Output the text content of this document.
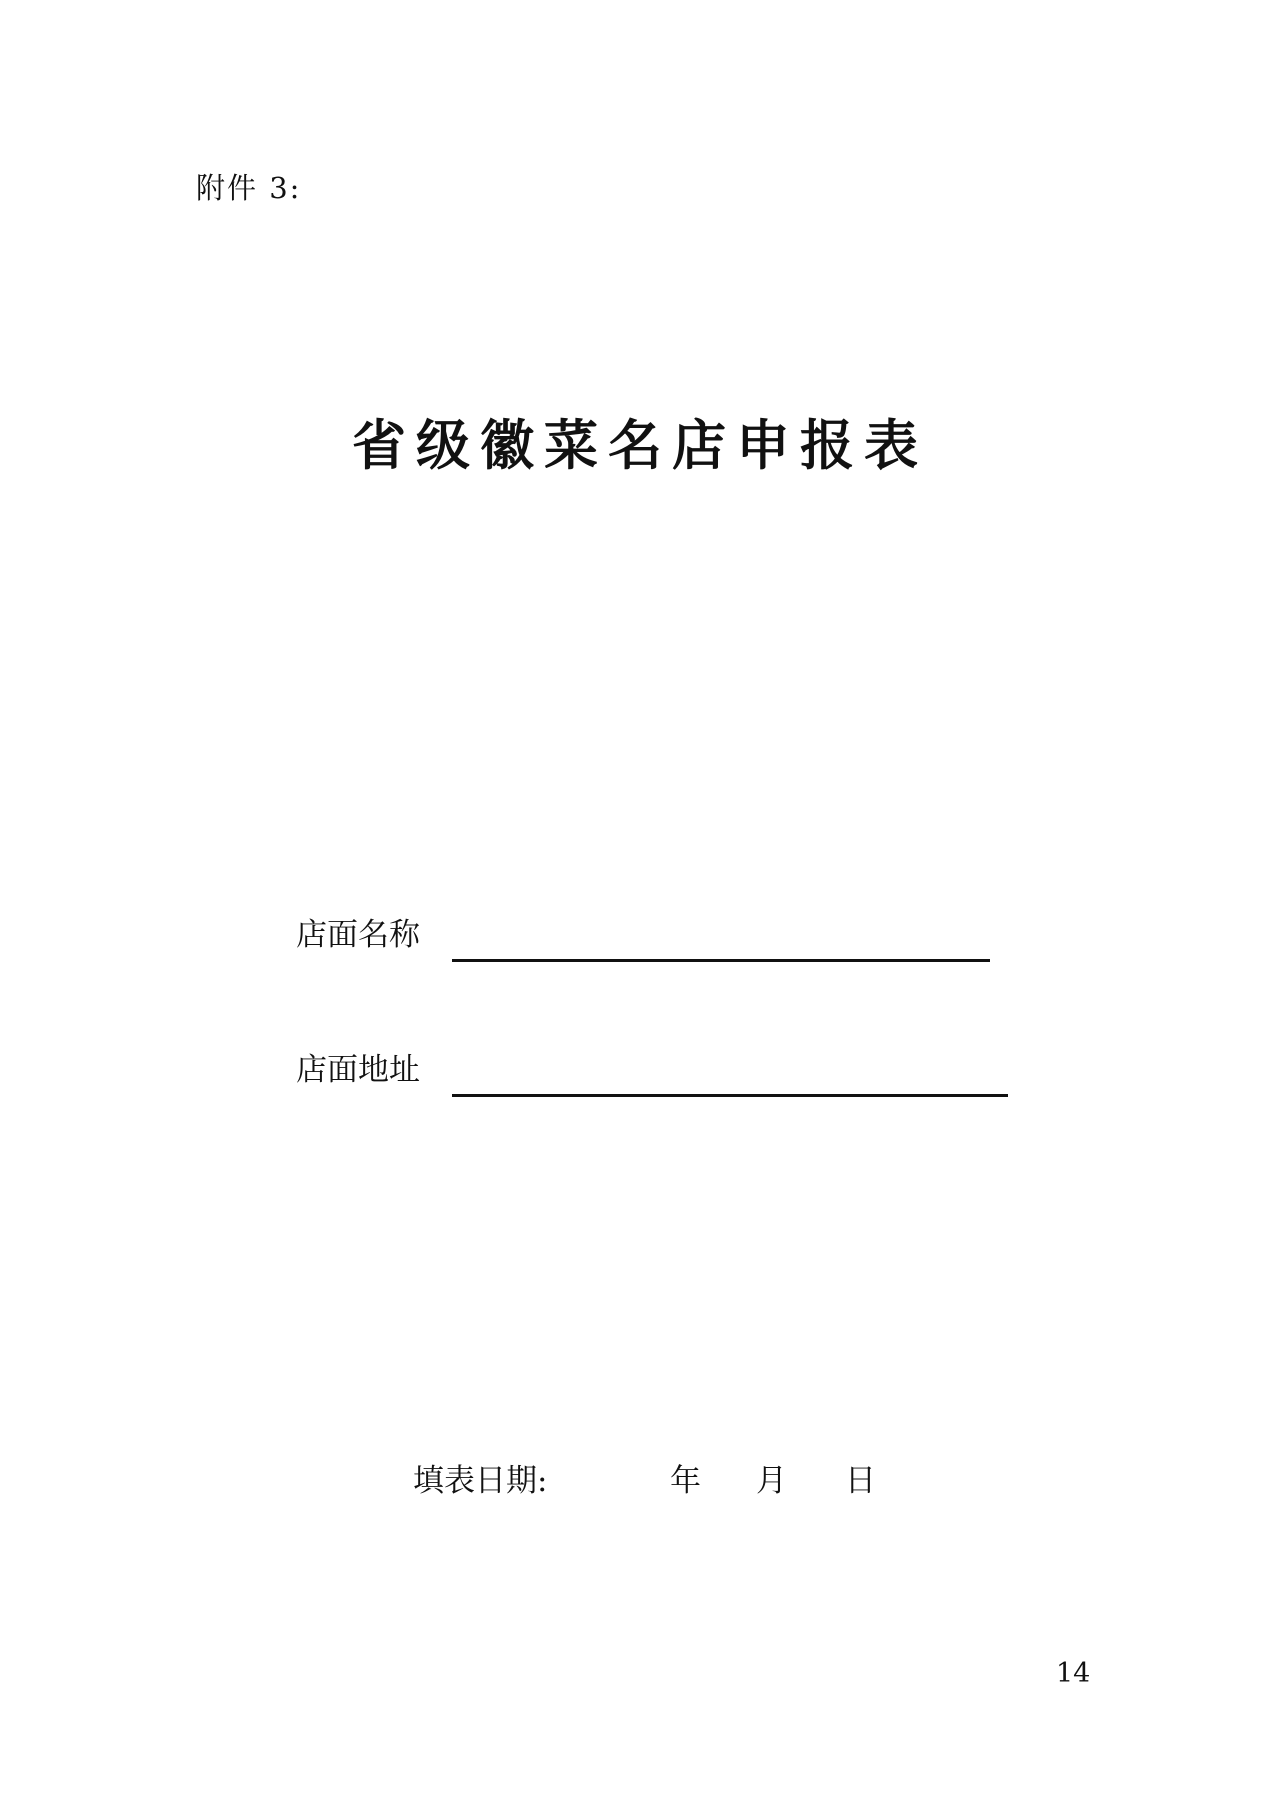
附件 3:
省级徽菜名店申报表
店面名称
店面地址
填表日期:	年 月 日
14
